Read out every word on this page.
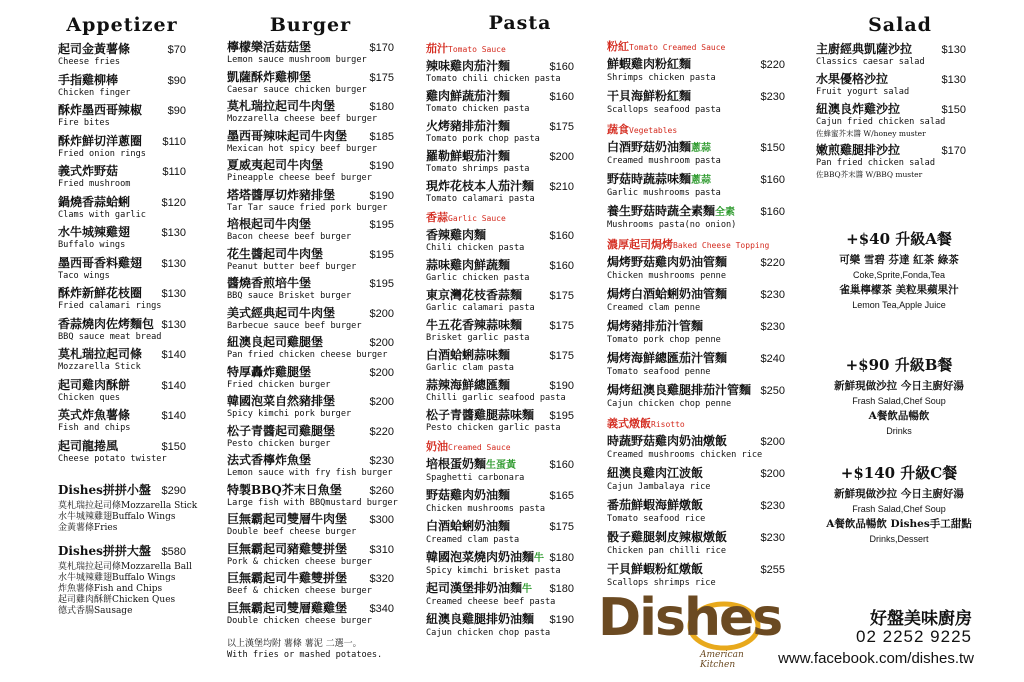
Appetizer
起司金黃薯條
Cheese fries
$70
手指雞柳棒
Chicken finger
$90
酥炸墨西哥辣椒
Fire bites
$90
酥炸鮮切洋蔥圈
Fried onion rings
$110
義式炸野菇
Fried mushroom
$110
鍋燒香蒜蛤蜊
Clams with garlic
$120
水牛城辣雞翅
Buffalo wings
$130
墨西哥香料雞翅
Taco wings
$130
酥炸新鮮花枝圈
Fried calamari rings
$130
香蒜燒肉佐烤麵包
BBQ sauce meat bread
$130
莫札瑞拉起司條
Mozzarella Stick
$140
起司雞肉酥餅
Chicken ques
$140
英式炸魚薯條
Fish and chips
$140
起司龍捲風
Cheese potato twister
$150
Dishes拼拼小盤 $290
莫札瑞拉起司條Mozzarella Stick
水牛城辣雞翅Buffalo Wings
金黃薯條Fries
Dishes拼拼大盤 $580
莫札瑞拉起司條Mozzarella Ball
水牛城辣雞翅Buffalo Wings
炸魚薯條Fish and Chips
起司雞肉酥餅Chicken Ques
德式香腸Sausage
Burger
檸檬樂活菇菇堡
Lemon sauce mushroom burger
$170
凱薩酥炸雞柳堡
Caesar sauce chicken burger
$175
莫札瑞拉起司牛肉堡
Mozzarella cheese beef burger
$180
墨西哥辣味起司牛肉堡
Mexican hot spicy beef burger
$185
夏威夷起司牛肉堡
Pineapple cheese beef burger
$190
塔塔醬厚切炸豬排堡
Tar Tar sauce fried pork burger
$190
培根起司牛肉堡
Bacon cheese beef burger
$195
花生醬起司牛肉堡
Peanut butter beef burger
$195
醬燒香煎培牛堡
BBQ sauce Brisket burger
$195
美式經典起司牛肉堡
Barbecue sauce beef burger
$200
紐澳良起司雞腿堡
Pan fried chicken cheese burger
$200
特厚轟炸雞腿堡
Fried chicken burger
$200
韓國泡菜自然豬排堡
Spicy kimchi pork burger
$200
松子青醬起司雞腿堡
Pesto chicken burger
$220
法式香檸炸魚堡
Lemon sauce with fry fish burger
$230
特製BBQ芥末日魚堡
Large fish with BBQmustard burger
$260
巨無霸起司雙層牛肉堡
Double beef cheese burger
$300
巨無霸起司豬雞雙拼堡
Pork & chicken cheese burger
$310
巨無霸起司牛雞雙拼堡
Beef & chicken cheese burger
$320
巨無霸起司雙層雞雞堡
Double chicken cheese burger
$340
以上漢堡均附 薯條 薯泥 二選一。
With fries or mashed potatoes.
Pasta
茄汁Tomato Sauce
辣味雞肉茄汁麵
Tomato chili chicken pasta
$160
雞肉鮮蔬茄汁麵
Tomato chicken pasta
$160
火烤豬排茄汁麵
Tomato pork chop pasta
$175
羅勒鮮蝦茄汁麵
Tomato shrimps pasta
$200
現炸花枝本人茄汁麵
Tomato calamari pasta
$210
香蒜Garlic Sauce
香辣雞肉麵
Chili chicken pasta
$160
蒜味雞肉鮮蔬麵
Garlic chicken pasta
$160
東京灣花枝香蒜麵
Garlic calamari pasta
$175
牛五花香辣蒜味麵
Brisket garlic pasta
$175
白酒蛤蜊蒜味麵
Garlic clam pasta
$175
蒜辣海鮮總匯麵
Chilli garlic seafood pasta
$190
松子青醬雞腿蒜味麵
Pesto chicken garlic pasta
$195
奶油Creamed Sauce
培根蛋奶麵生蛋黃
Spaghetti carbonara
$160
野菇雞肉奶油麵
Chicken mushrooms pasta
$165
白酒蛤蜊奶油麵
Creamed clam pasta
$175
韓國泡菜燒肉奶油麵牛
Spicy kimchi brisket pasta
$180
起司漢堡排奶油麵牛
Creamed cheese beef pasta
$180
紐澳良雞腿排奶油麵
Cajun chicken chop pasta
$190
粉紅Tomato Creamed Sauce
鮮蝦雞肉粉紅麵
Shrimps chicken pasta
$220
干貝海鮮粉紅麵
Scallops seafood pasta
$230
蔬食Vegetables
白酒野菇奶油麵蔥蒜
Creamed mushroom pasta
$150
野菇時蔬蒜味麵蔥蒜
Garlic mushrooms pasta
$160
養生野菇時蔬全素麵全素
Mushrooms pasta(no onion)
$160
濃厚起司焗烤Baked Cheese Topping
焗烤野菇雞肉奶油管麵
Chicken mushrooms penne
$220
焗烤白酒蛤蜊奶油管麵
Creamed clam penne
$230
焗烤豬排茄汁管麵
Tomato pork chop penne
$230
焗烤海鮮總匯茄汁管麵
Tomato seafood penne
$240
焗烤紐澳良雞腿排茄汁管麵
Cajun chicken chop penne
$250
義式燉飯Risotto
時蔬野菇雞肉奶油燉飯
Creamed mushrooms chicken rice
$200
紐澳良雞肉江波飯
Cajun Jambalaya rice
$200
番茄鮮蝦海鮮燉飯
Tomato seafood rice
$230
骰子雞腿剝皮辣椒燉飯
Chicken pan chilli rice
$230
干貝鮮蝦粉紅燉飯
Scallops shrimps rice
$255
Salad
主廚經典凱薩沙拉
Classics caesar salad
$130
水果優格沙拉
Fruit yogurt salad
$130
紐澳良炸雞沙拉
Cajun fried chicken salad
佐蜂蜜芥末醬 W/honey muster
$150
嫩煎雞腿排沙拉
Pan fried chicken salad
佐BBQ芥末醬 W/BBQ muster
$170
+$40 升級A餐
可樂 雪碧 芬達 紅茶 綠茶
Coke,Sprite,Fonda,Tea
雀巢檸檬茶 美粒果蘋果汁
Lemon Tea,Apple Juice
+$90 升級B餐
新鮮現做沙拉 今日主廚好湯
Frash Salad,Chef Soup
A餐飲品暢飲
Drinks
+$140 升級C餐
新鮮現做沙拉 今日主廚好湯
Frash Salad,Chef Soup
A餐飲品暢飲 Dishes手工甜點
Drinks,Dessert
Dishes
American Kitchen
好盤美味廚房
02 2252 9225
www.facebook.com/dishes.tw
